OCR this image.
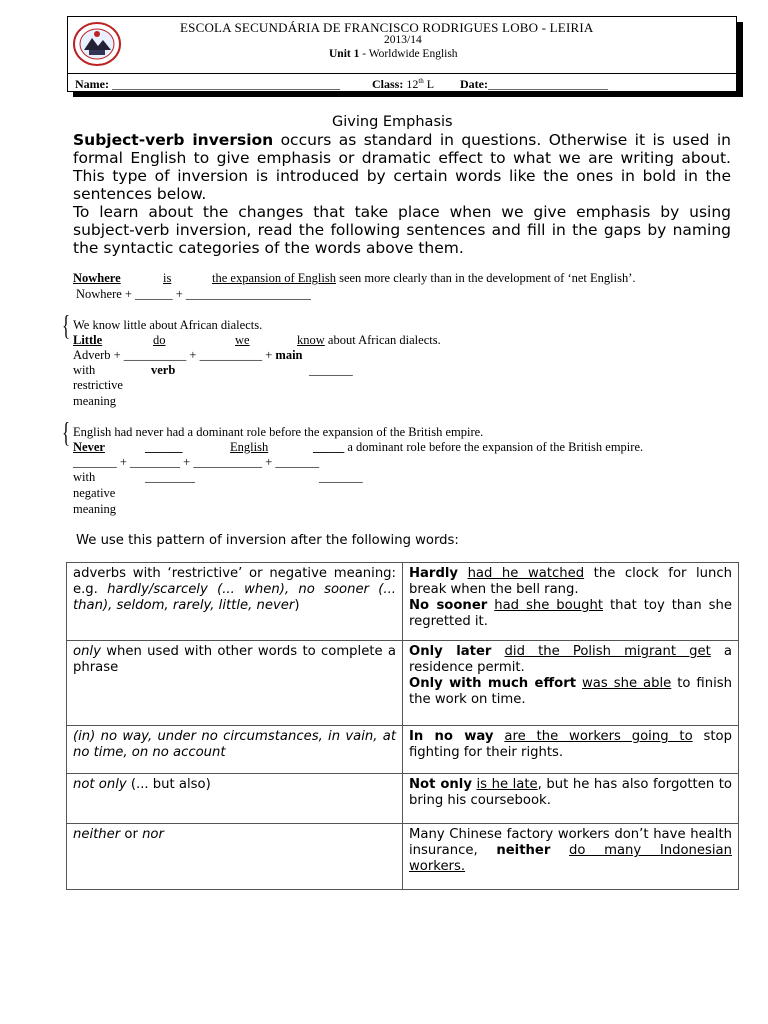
ESCOLA SECUNDÁRIA DE FRANCISCO RODRIGUES LOBO - LEIRIA
2013/14
Unit 1 - Worldwide English
Name: ______________________________________	Class: 12th L Date:____________________
Giving Emphasis
Subject-verb inversion occurs as standard in questions. Otherwise it is used in
formal English to give emphasis or dramatic effect to what we are writing about.
This type of inversion is introduced by certain words like the ones in bold in the
sentences below.
To learn about the changes that take place when we give emphasis by using
subject-verb inversion, read the following sentences and fill in the gaps by naming
the syntactic categories of the words above them.
Nowhere	is	the expansion of English seen more clearly than in the development of ‘net English’.
Nowhere + ______ + ____________________
{ We know little about African dialects.
Little	do	we	know about African dialects.
Adverb + __________ + __________ + main
with	verb	_______
restrictive
meaning
{ English had never had a dominant role before the expansion of the British empire.
Never	______	English	_____ a dominant role before the expansion of the British empire.
_______ + ________ + ___________ + _______
with	________	_______
negative
meaning
We use this pattern of inversion after the following words:
adverbs with ‘restrictive’ or negative meaning: e.g. hardly/scarcely (... when), no sooner (... than), seldom, rarely, little, never)	Hardly had he watched the clock for lunch break when the bell rang.
No sooner had she bought that toy than she regretted it.

only when used with other words to complete a phrase	Only later did the Polish migrant get a residence permit.
Only with much effort was she able to finish the work on time.

(in) no way, under no circumstances, in vain, at no time, on no account	In no way are the workers going to stop fighting for their rights.

not only (... but also)	Not only is he late, but he has also forgotten to bring his coursebook.

neither or nor	Many Chinese factory workers don’t have health insurance, neither do many Indonesian workers.
